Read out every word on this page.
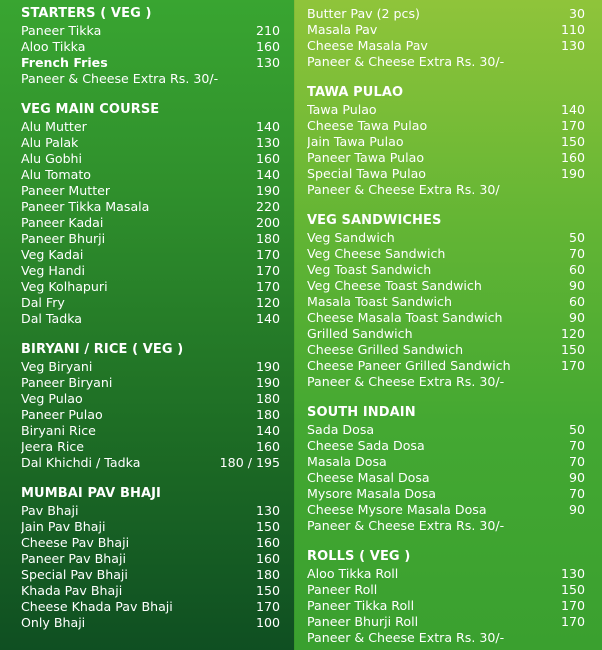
STARTERS ( VEG )
Paneer Tikka	210
Aloo Tikka	160
French Fries	130
Paneer & Cheese Extra Rs. 30/-
VEG MAIN COURSE
Alu Mutter	140
Alu Palak	130
Alu Gobhi	160
Alu Tomato	140
Paneer Mutter	190
Paneer Tikka Masala	220
Paneer Kadai	200
Paneer Bhurji	180
Veg Kadai	170
Veg Handi	170
Veg Kolhapuri	170
Dal Fry	120
Dal Tadka	140
BIRYANI / RICE ( VEG )
Veg Biryani	190
Paneer Biryani	190
Veg Pulao	180
Paneer Pulao	180
Biryani Rice	140
Jeera Rice	160
Dal Khichdi / Tadka	180 / 195
MUMBAI PAV BHAJI
Pav Bhaji	130
Jain Pav Bhaji	150
Cheese Pav Bhaji	160
Paneer Pav Bhaji	160
Special Pav Bhaji	180
Khada Pav Bhaji	150
Cheese Khada Pav Bhaji	170
Only Bhaji	100
Butter Pav (2 pcs)	30
Masala Pav	110
Cheese Masala Pav	130
Paneer & Cheese Extra Rs. 30/-
TAWA PULAO
Tawa Pulao	140
Cheese Tawa Pulao	170
Jain Tawa Pulao	150
Paneer Tawa Pulao	160
Special Tawa Pulao	190
Paneer & Cheese Extra Rs. 30/
VEG SANDWICHES
Veg Sandwich	50
Veg Cheese Sandwich	70
Veg Toast Sandwich	60
Veg Cheese Toast Sandwich	90
Masala Toast Sandwich	60
Cheese Masala Toast Sandwich	90
Grilled Sandwich	120
Cheese Grilled Sandwich	150
Cheese Paneer Grilled Sandwich	170
Paneer & Cheese Extra Rs. 30/-
SOUTH INDAIN
Sada Dosa	50
Cheese Sada Dosa	70
Masala Dosa	70
Cheese Masal Dosa	90
Mysore Masala Dosa	70
Cheese Mysore Masala Dosa	90
Paneer & Cheese Extra Rs. 30/-
ROLLS ( VEG )
Aloo Tikka Roll	130
Paneer Roll	150
Paneer Tikka Roll	170
Paneer Bhurji Roll	170
Paneer & Cheese Extra Rs. 30/-
